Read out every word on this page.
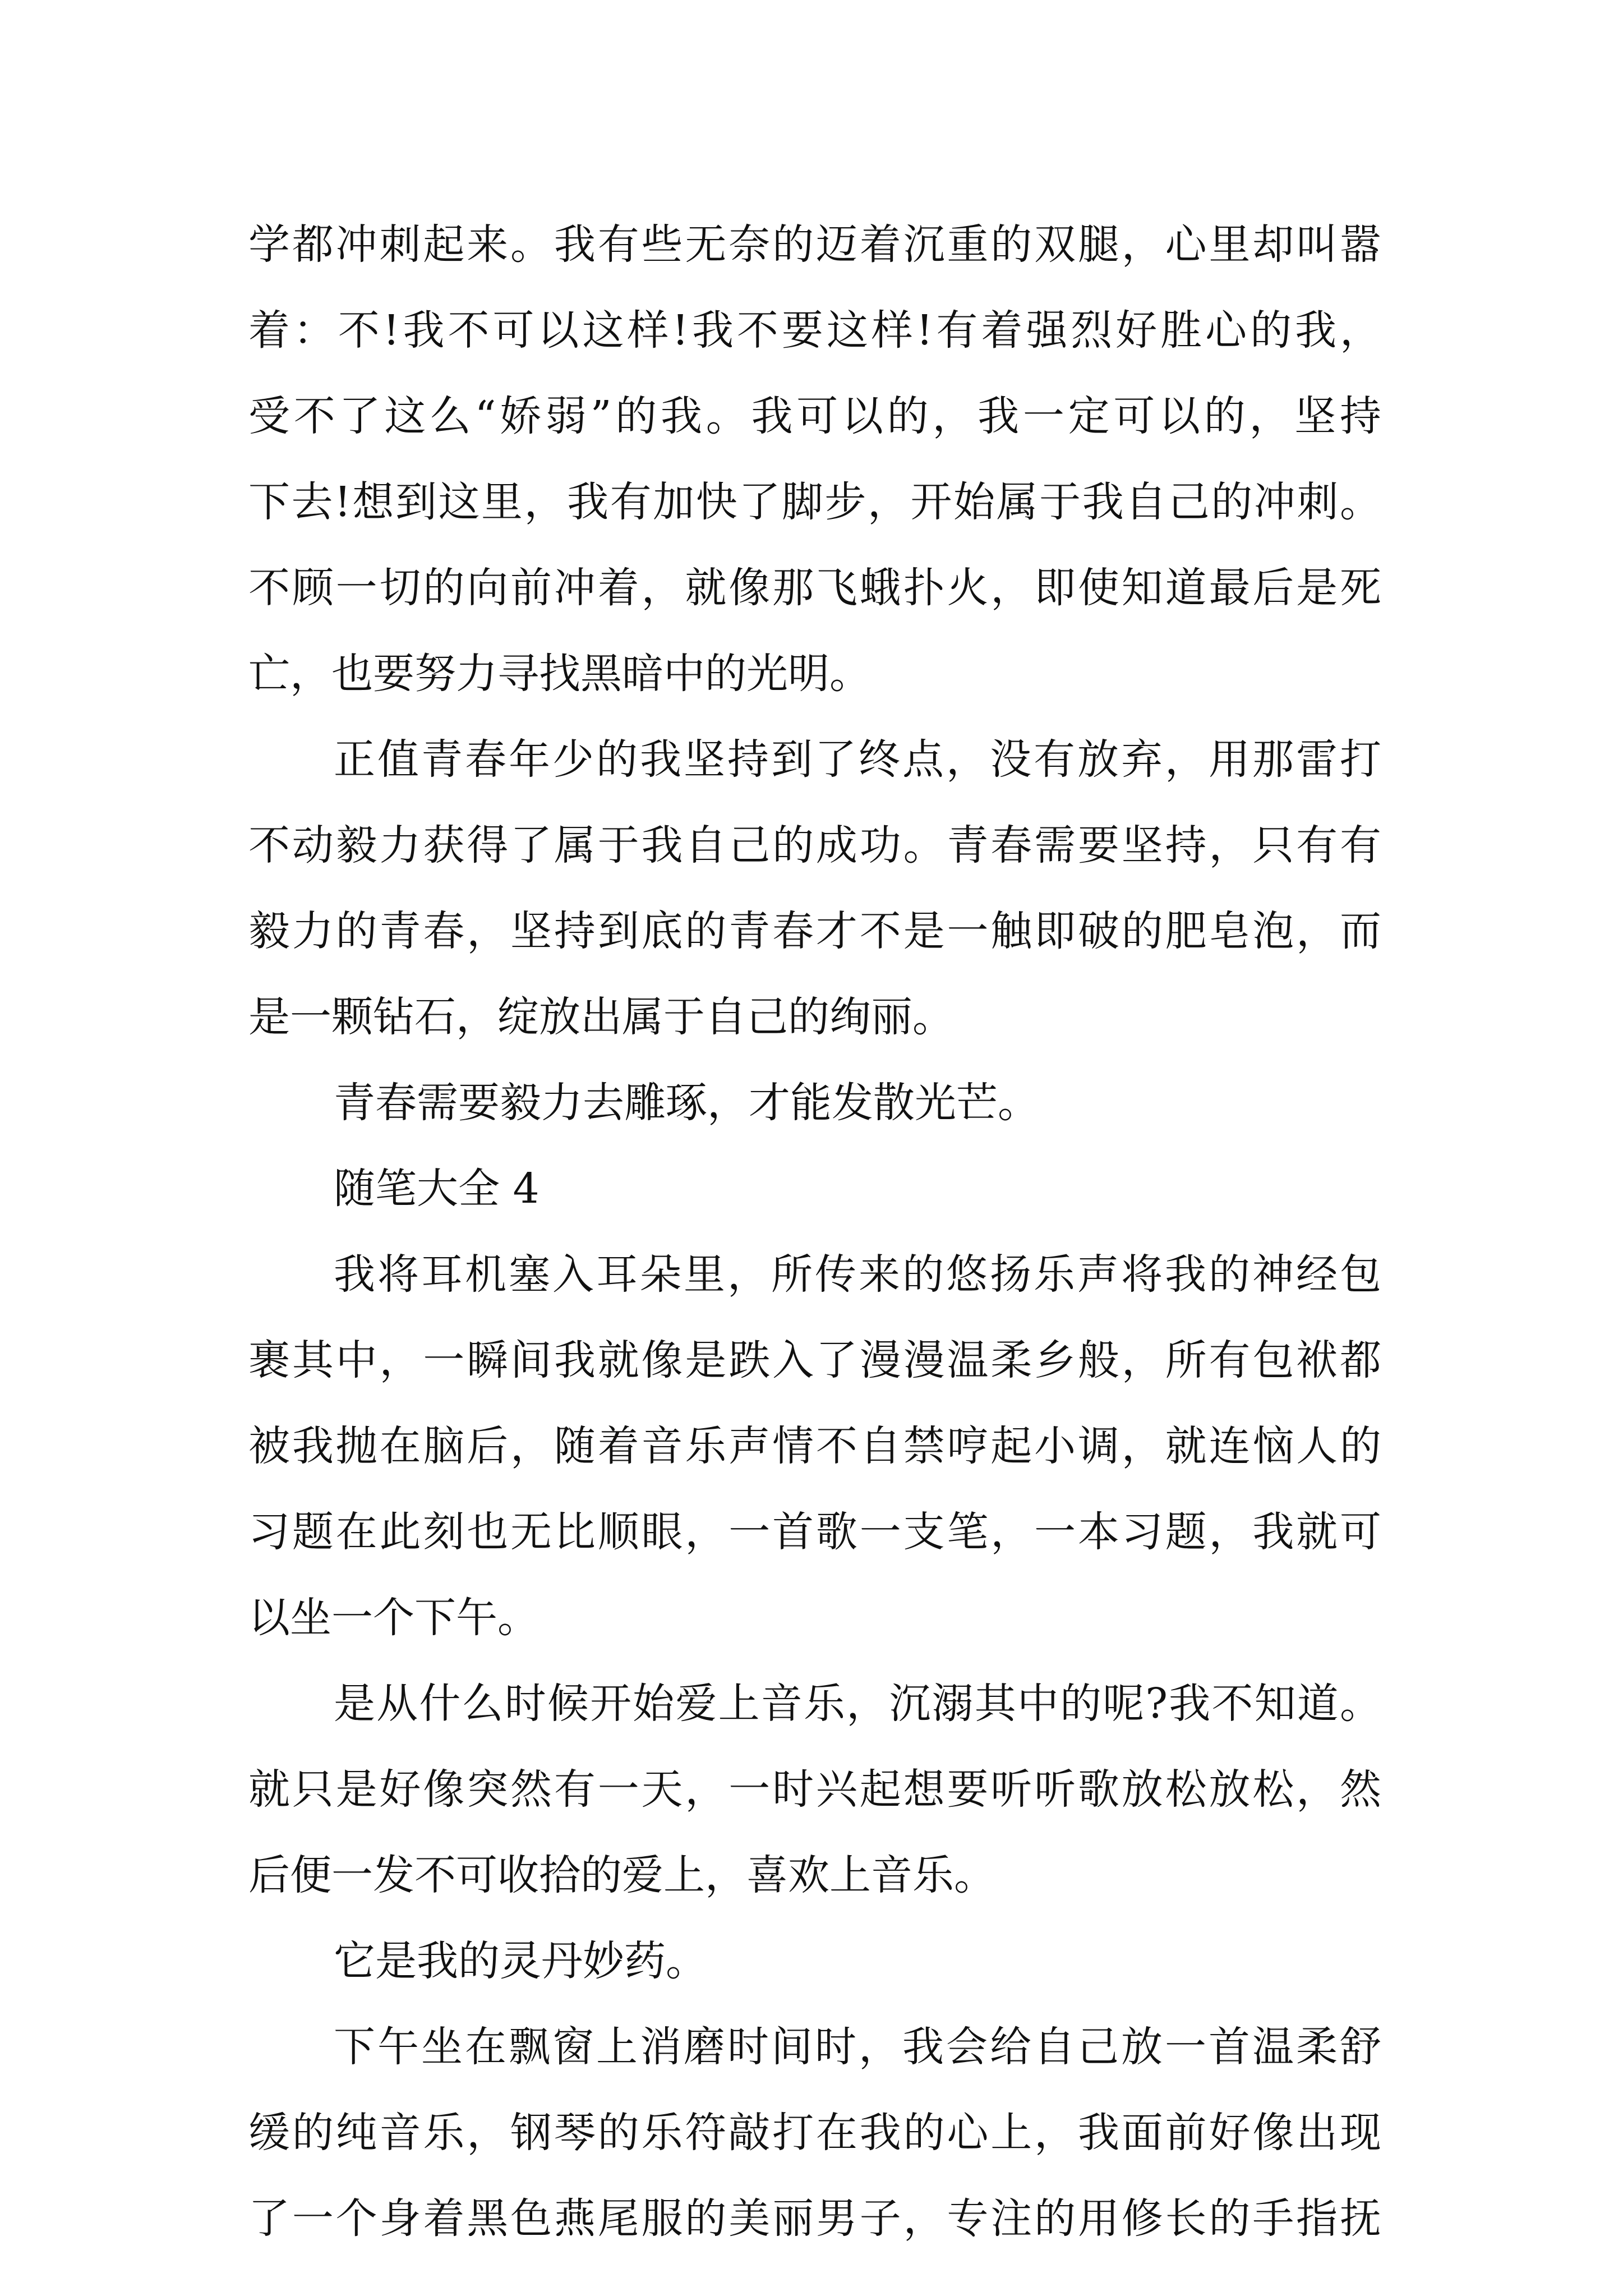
学都冲刺起来。我有些无奈的迈着沉重的双腿，心里却叫嚣
着：不!我不可以这样!我不要这样!有着强烈好胜心的我，
受不了这么“娇弱”的我。我可以的，我一定可以的，坚持
下去!想到这里，我有加快了脚步，开始属于我自己的冲刺。
不顾一切的向前冲着，就像那飞蛾扑火，即使知道最后是死
亡，也要努力寻找黑暗中的光明。
正值青春年少的我坚持到了终点，没有放弃，用那雷打
不动毅力获得了属于我自己的成功。青春需要坚持，只有有
毅力的青春，坚持到底的青春才不是一触即破的肥皂泡，而
是一颗钻石，绽放出属于自己的绚丽。
青春需要毅力去雕琢，才能发散光芒。
随笔大全 4
我将耳机塞入耳朵里，所传来的悠扬乐声将我的神经包
裹其中，一瞬间我就像是跌入了漫漫温柔乡般，所有包袱都
被我抛在脑后，随着音乐声情不自禁哼起小调，就连恼人的
习题在此刻也无比顺眼，一首歌一支笔，一本习题，我就可
以坐一个下午。
是从什么时候开始爱上音乐，沉溺其中的呢?我不知道。
就只是好像突然有一天，一时兴起想要听听歌放松放松，然
后便一发不可收拾的爱上，喜欢上音乐。
它是我的灵丹妙药。
下午坐在飘窗上消磨时间时，我会给自己放一首温柔舒
缓的纯音乐，钢琴的乐符敲打在我的心上，我面前好像出现
了一个身着黑色燕尾服的美丽男子，专注的用修长的手指抚
